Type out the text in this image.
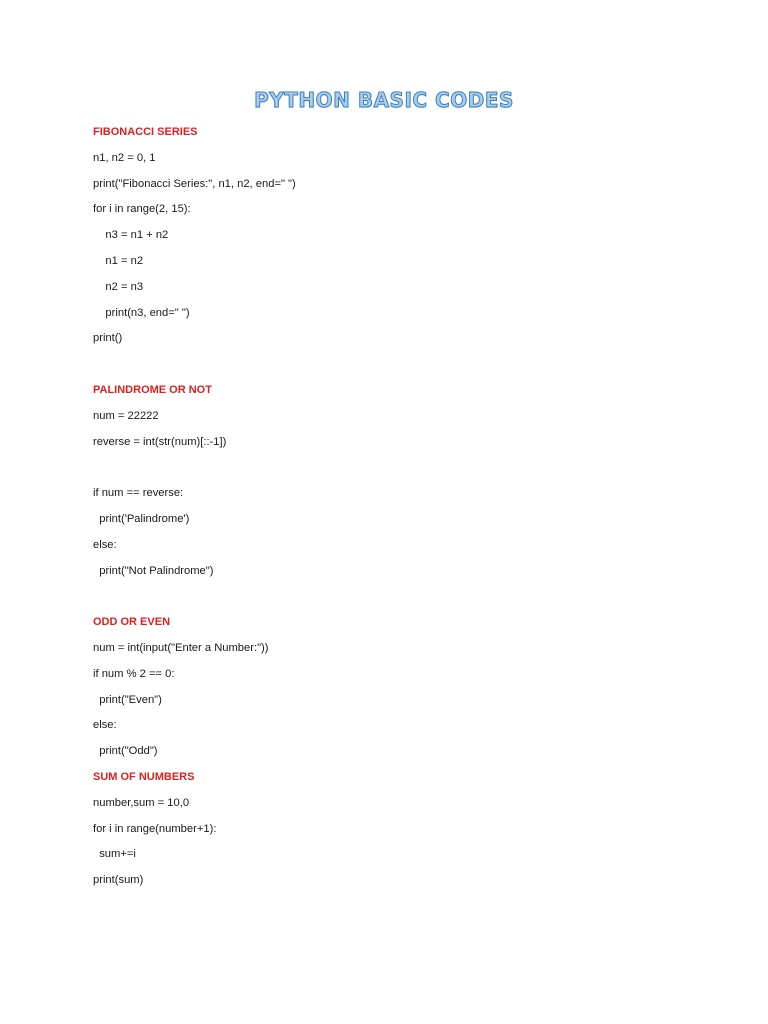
PYTHON BASIC CODES
FIBONACCI SERIES
n1, n2 = 0, 1
print("Fibonacci Series:", n1, n2, end=" ")
for i in range(2, 15):
n3 = n1 + n2
n1 = n2
n2 = n3
print(n3, end=" ")
print()
PALINDROME OR NOT
num = 22222
reverse = int(str(num)[::-1])
if num == reverse:
print('Palindrome')
else:
print("Not Palindrome")
ODD OR EVEN
num = int(input("Enter a Number:"))
if num % 2 == 0:
print("Even")
else:
print("Odd")
SUM OF NUMBERS
number,sum = 10,0
for i in range(number+1):
sum+=i
print(sum)
